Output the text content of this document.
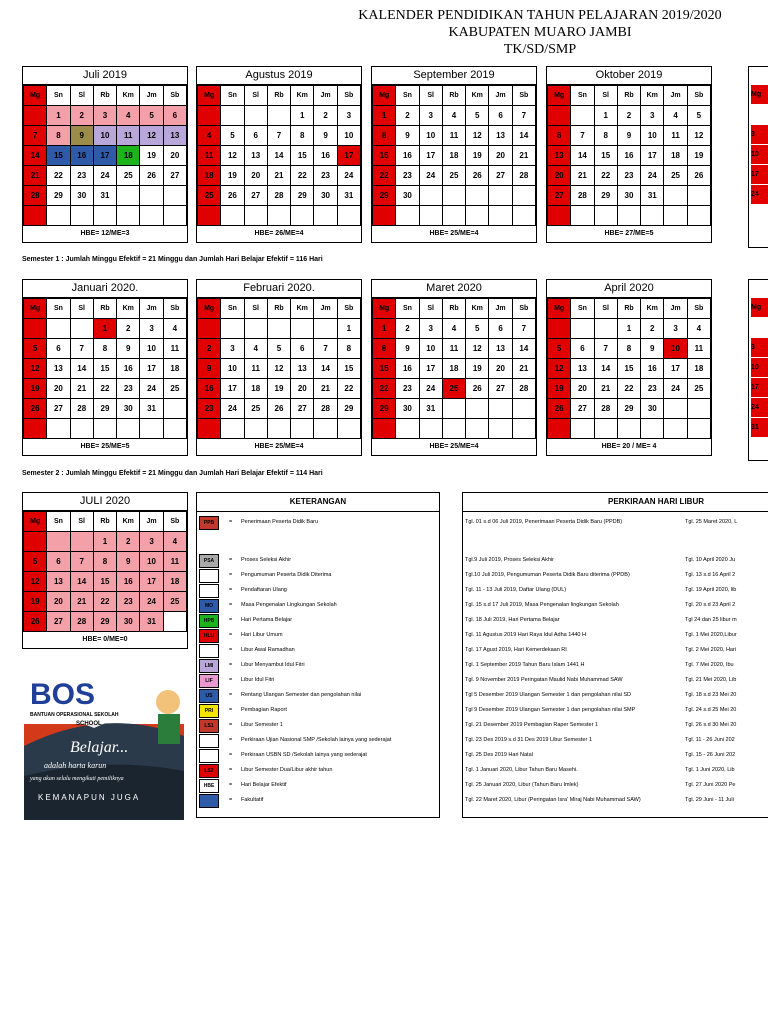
KALENDER PENDIDIKAN TAHUN PELAJARAN 2019/2020
KABUPATEN MUARO JAMBI
TK/SD/SMP
Juli 2019
Mg	Sn	Sl	Rb	Km	Jm	Sb
	1	2	3	4	5	6
7	8	9	10	11	12	13
14	15	16	17	18	19	20
21	22	23	24	25	26	27
28	29	30	31			

HBE= 12/ME=3
Agustus 2019
Mg	Sn	Sl	Rb	Km	Jm	Sb
				1	2	3
4	5	6	7	8	9	10
11	12	13	14	15	16	17
18	19	20	21	22	23	24
25	26	27	28	29	30	31

HBE= 26/ME=4
September 2019
Mg	Sn	Sl	Rb	Km	Jm	Sb
1	2	3	4	5	6	7
8	9	10	11	12	13	14
15	16	17	18	19	20	21
22	23	24	25	26	27	28
29	30					

HBE= 25/ME=4
Oktober 2019
Mg	Sn	Sl	Rb	Km	Jm	Sb
		1	2	3	4	5
6	7	8	9	10	11	12
13	14	15	16	17	18	19
20	21	22	23	24	25	26
27	28	29	30	31		

HBE= 27/ME=5
Januari 2020.
Mg	Sn	Sl	Rb	Km	Jm	Sb
			1	2	3	4
5	6	7	8	9	10	11
12	13	14	15	16	17	18
19	20	21	22	23	24	25
26	27	28	29	30	31	

HBE= 25/ME=5
Februari 2020.
Mg	Sn	Sl	Rb	Km	Jm	Sb
						1
2	3	4	5	6	7	8
9	10	11	12	13	14	15
16	17	18	19	20	21	22
23	24	25	26	27	28	29

HBE= 25/ME=4
Maret 2020
Mg	Sn	Sl	Rb	Km	Jm	Sb
1	2	3	4	5	6	7
8	9	10	11	12	13	14
15	16	17	18	19	20	21
22	23	24	25	26	27	28
29	30	31				

HBE= 25/ME=4
April 2020
Mg	Sn	Sl	Rb	Km	Jm	Sb
			1	2	3	4
5	6	7	8	9	10	11
12	13	14	15	16	17	18
19	20	21	22	23	24	25
26	27	28	29	30		

HBE= 20 / ME= 4
JULI 2020
Mg	Sn	Sl	Rb	Km	Jm	Sb
			1	2	3	4
5	6	7	8	9	10	11
12	13	14	15	16	17	18
19	20	21	22	23	24	25
26	27	28	29	30	31	
HBE= 0/ME=0
Semester 1 : Jumlah Minggu Efektif = 21 Minggu dan Jumlah Hari Belajar Efektif = 116 Hari
Semester 2 : Jumlah Minggu Efektif = 21 Minggu dan Jumlah Hari Belajar Efektif = 114 Hari
Mg
3
10
17
24
Mg
3
10
17
24
31
KETERANGAN
PPB	= Penerimaan Peserta Didik Baru
PSA	= Proses Seleksi Akhir
= Pengumuman Peserta Didik Diterima
= Pendaftaran Ulang
MO	= Masa Pengenalan Lingkungan Sekolah
HPB	= Hari Pertama Belajar
HLU	= Hari Libur Umum
= Libur Awal Ramadhan
LMI	= Libur Menyambut Idul Fitri
LIF	= Libur Idul Fitri
US	= Rentang Ulangan Semester dan pengolahan nilai
PRI	= Pembagian Raport
LS1	= Libur Semester 1
= Perkiraan Ujian Nasional SMP /Sekolah lainya yang sederajat
= Perkiraan USBN SD /Sekolah lainya yang sederajat
LS2	= Libur Semester Dua/Libur akhir tahun
HBE	= Hari Belajar Efektif
= Fakultatif
PERKIRAAN HARI LIBUR
Tgl. 01 s.d 06 Juli 2019, Penerimaan Peserta Didik Baru (PPDB)	Tgl. 25 Maret 2020, L
Tgl.9 Juli 2019, Proses Seleksi Akhir	Tgl. 10 April 2020 Ju
Tgl.10 Juli 2019, Pengumuman Peserta Didik Baru diterima (PPDB)	Tgl. 13 s.d 16 April 2
Tgl. 11 - 13 Juli 2019, Daftar Ulang (DUL)	Tgl. 19 April 2020, lib
Tgl. 15 s.d 17 Juli 2019, Masa Pengenalan lingkungan Sekolah	Tgl. 20 s.d 23 April 2
Tgl. 18 Juli 2019, Hari Pertama Belajar	Tgl 24 dan 25 libur m
Tgl. 11 Agustus 2019 Hari Raya Idul Adha 1440 H	Tgl. 1 Mei 2020,Libur
Tgl. 17 Agust 2019, Hari Kemerdekaan RI	Tgl. 2 Mei 2020, Hari
Tgl. 1 September 2019 Tahun Baru Islam 1441 H	Tgl. 7 Mei 2020, Ibu
Tgl. 9 November 2019 Peringatan Maulid Nabi Muhammad SAW	Tgl. 21 Mei 2020, Lib
Tgl 5 Desember 2019 Ulangan Semester 1 dan pengolahan nilai SD	Tgl. 18 s.d 23 Mei 20
Tgl 9 Desember 2019 Ulangan Semester 1 dan pengolahan nilai SMP	Tgl. 24 s.d 25 Mei 20
Tgl. 21 Desember 2019 Pembagian Raper Semester 1	Tgl. 26 s.d 30 Mei 20
Tgl. 23 Des 2019 s.d 31 Des 2019 Libur Semester 1	Tgl. 11 - 26 Juni 202
Tgl. 25 Des 2019 Hari Natal	Tgl. 15 - 26 Juni 202
Tgl. 1 Januari 2020, Libur Tahun Baru Masehi.	Tgl. 1 Juni 2020, Lib
Tgl. 25 Januari 2020, Libur (Tahun Baru Imlek)	Tgl. 27 Juni 2020 Pe
Tgl. 22 Maret 2020, Libur (Peringatan Isra' Miraj Nabi Muhammad SAW)	Tgl. 29 Juni - 11 Juli
BOS
BANTUAN OPERASIONAL SEKOLAH
SCHOOL
Belajar...
adalah harta karun
yang akan selalu mengikuti pemiliknya
KEMANAPUN JUGA
